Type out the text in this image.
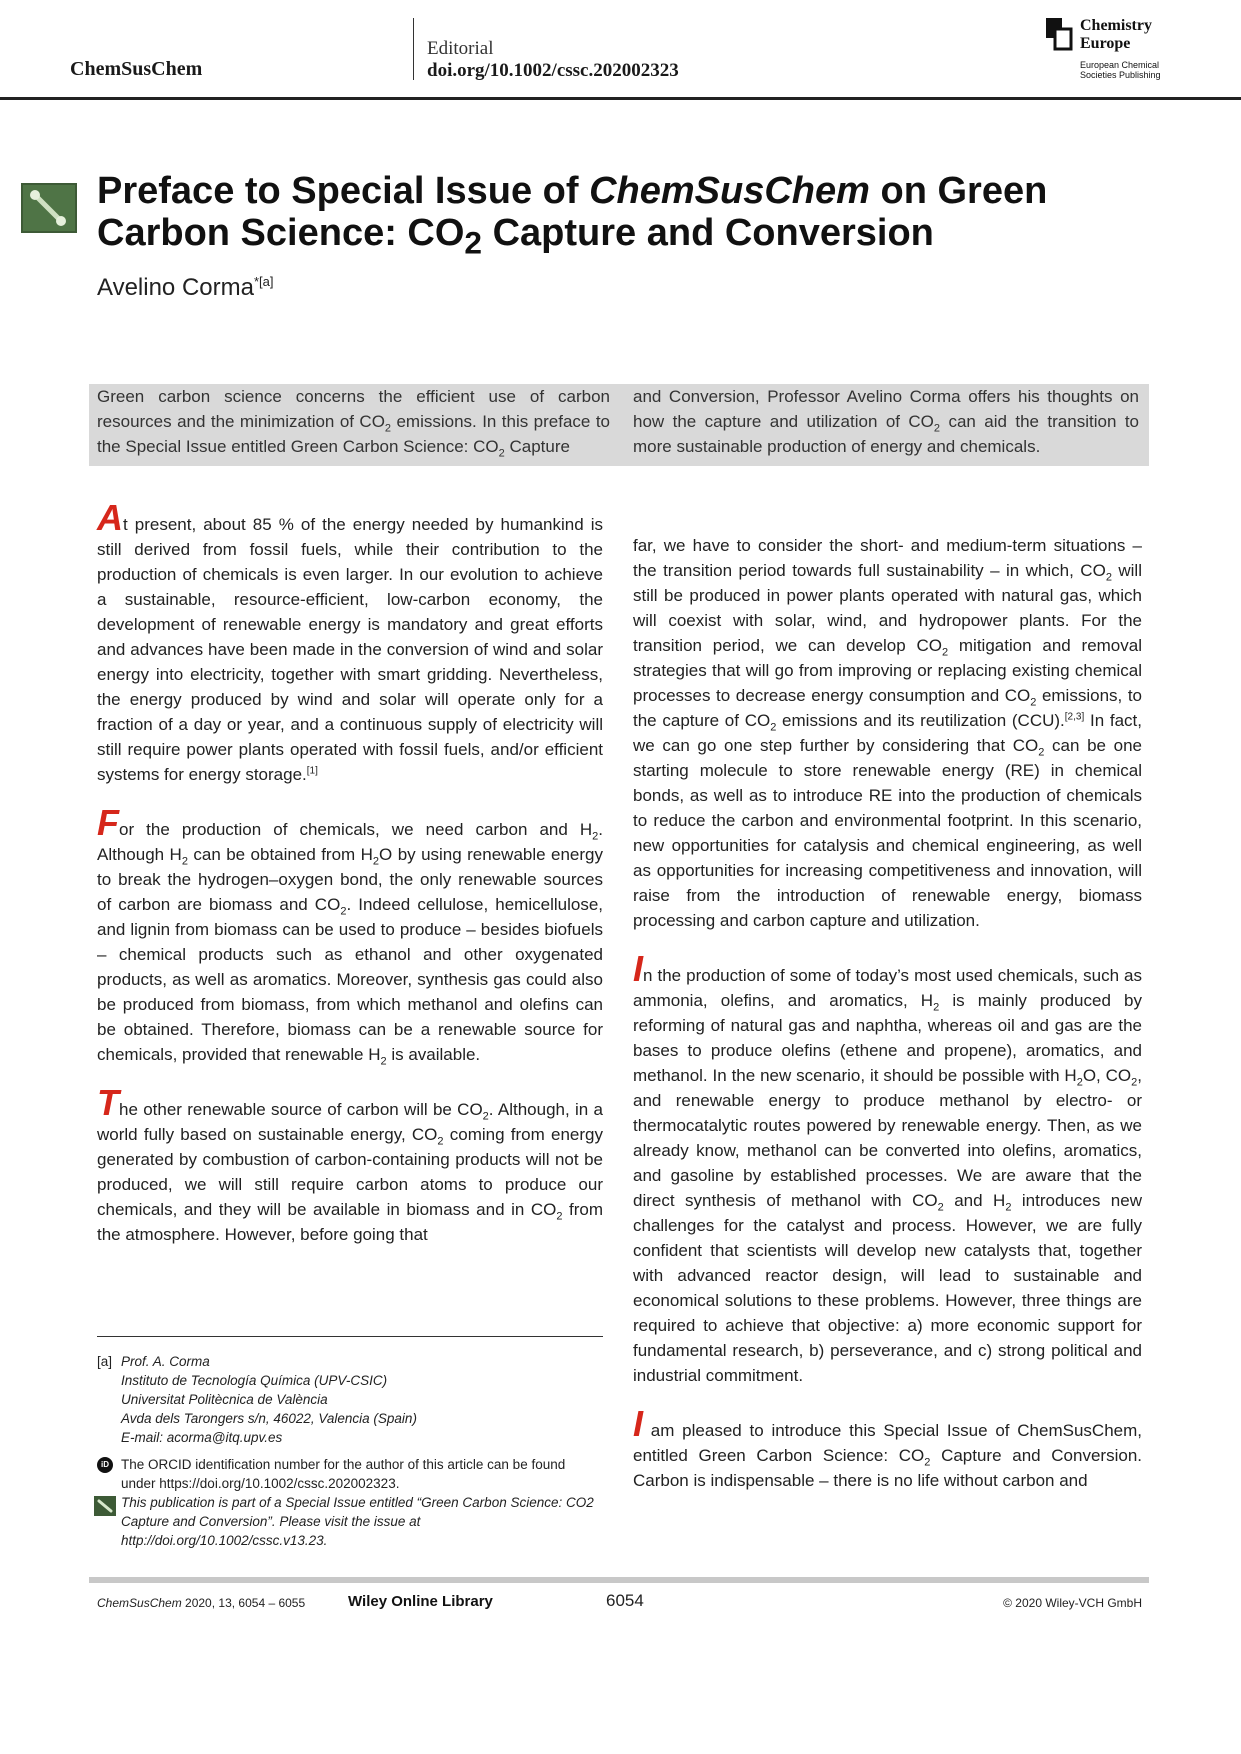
ChemSusChem
Editorial
doi.org/10.1002/cssc.202002323
Chemistry Europe
European Chemical Societies Publishing
Preface to Special Issue of ChemSusChem on Green Carbon Science: $CO_2$ Capture and Conversion
Avelino Corma$^{*[a]}$
Green carbon science concerns the efficient use of carbon resources and the minimization of $CO_2$ emissions. In this preface to the Special Issue entitled Green Carbon Science: $CO_2$ Capture
and Conversion, Professor Avelino Corma offers his thoughts on how the capture and utilization of $CO_2$ can aid the transition to more sustainable production of energy and chemicals.

At present, about 85 % of the energy needed by humankind is still derived from fossil fuels, while their contribution to the production of chemicals is even larger. In our evolution to achieve a sustainable, resource-efficient, low-carbon economy, the development of renewable energy is mandatory and great efforts and advances have been made in the conversion of wind and solar energy into electricity, together with smart gridding. Nevertheless, the energy produced by wind and solar will operate only for a fraction of a day or year, and a continuous supply of electricity will still require power plants operated with fossil fuels, and/or efficient systems for energy storage.[1]

For the production of chemicals, we need carbon and $H_2$. Although $H_2$ can be obtained from $H_2O$ by using renewable energy to break the hydrogen–oxygen bond, the only renewable sources of carbon are biomass and $CO_2$. Indeed cellulose, hemicellulose, and lignin from biomass can be used to produce – besides biofuels – chemical products such as ethanol and other oxygenated products, as well as aromatics. Moreover, synthesis gas could also be produced from biomass, from which methanol and olefins can be obtained. Therefore, biomass can be a renewable source for chemicals, provided that renewable $H_2$ is available.

The other renewable source of carbon will be $CO_2$. Although, in a world fully based on sustainable energy, $CO_2$ coming from energy generated by combustion of carbon-containing products will not be produced, we will still require carbon atoms to produce our chemicals, and they will be available in biomass and in $CO_2$ from the atmosphere. However, before going that

[a] Prof. A. Corma
Instituto de Tecnología Química (UPV-CSIC)
Universitat Politècnica de València
Avda dels Tarongers s/n, 46022, Valencia (Spain)
E-mail: acorma@itq.upv.es
iD The ORCID identification number for the author of this article can be found under https://doi.org/10.1002/cssc.202002323.
This publication is part of a Special Issue entitled “Green Carbon Science: CO2 Capture and Conversion”. Please visit the issue at http://doi.org/10.1002/cssc.v13.23.

far, we have to consider the short- and medium-term situations – the transition period towards full sustainability – in which, $CO_2$ will still be produced in power plants operated with natural gas, which will coexist with solar, wind, and hydropower plants. For the transition period, we can develop $CO_2$ mitigation and removal strategies that will go from improving or replacing existing chemical processes to decrease energy consumption and $CO_2$ emissions, to the capture of $CO_2$ emissions and its reutilization (CCU).[2,3] In fact, we can go one step further by considering that $CO_2$ can be one starting molecule to store renewable energy (RE) in chemical bonds, as well as to introduce RE into the production of chemicals to reduce the carbon and environmental footprint. In this scenario, new opportunities for catalysis and chemical engineering, as well as opportunities for increasing competitiveness and innovation, will raise from the introduction of renewable energy, biomass processing and carbon capture and utilization.

In the production of some of today’s most used chemicals, such as ammonia, olefins, and aromatics, $H_2$ is mainly produced by reforming of natural gas and naphtha, whereas oil and gas are the bases to produce olefins (ethene and propene), aromatics, and methanol. In the new scenario, it should be possible with $H_2O$, $CO_2$, and renewable energy to produce methanol by electro- or thermocatalytic routes powered by renewable energy. Then, as we already know, methanol can be converted into olefins, aromatics, and gasoline by established processes. We are aware that the direct synthesis of methanol with $CO_2$ and $H_2$ introduces new challenges for the catalyst and process. However, we are fully confident that scientists will develop new catalysts that, together with advanced reactor design, will lead to sustainable and economical solutions to these problems. However, three things are required to achieve that objective: a) more economic support for fundamental research, b) perseverance, and c) strong political and industrial commitment.

I am pleased to introduce this Special Issue of ChemSusChem, entitled Green Carbon Science: $CO_2$ Capture and Conversion. Carbon is indispensable – there is no life without carbon and

ChemSusChem 2020, 13, 6054 – 6055	Wiley Online Library	6054	© 2020 Wiley-VCH GmbH
